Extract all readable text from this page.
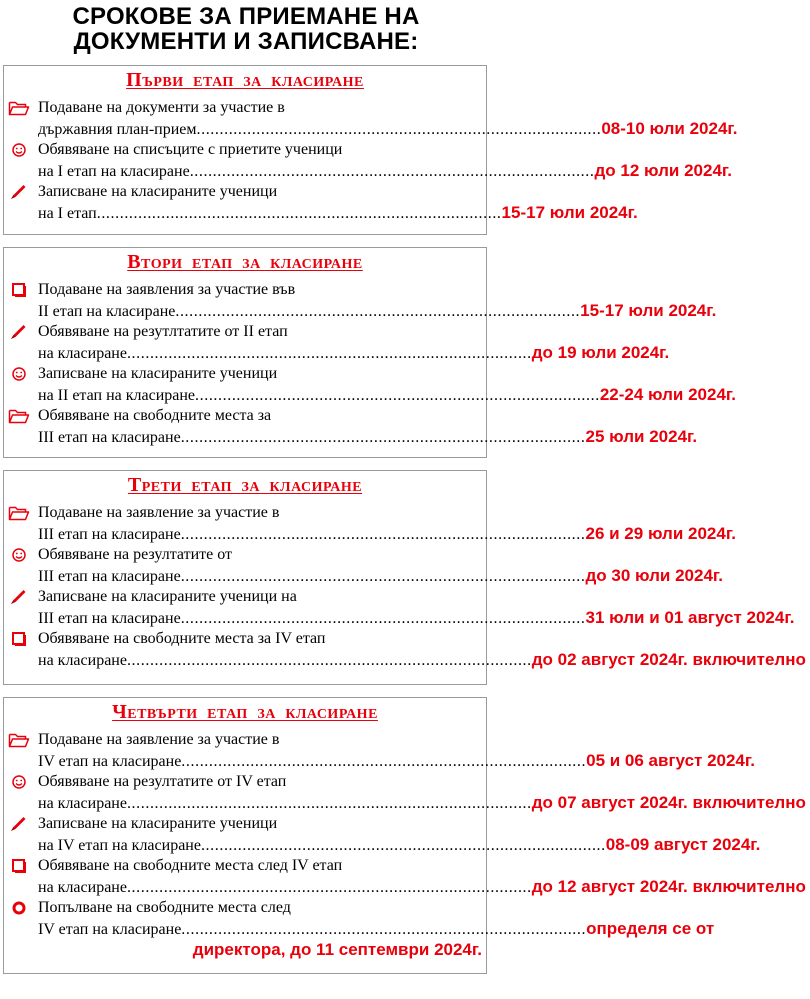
СРОКОВЕ ЗА ПРИЕМАНЕ НА
ДОКУМЕНТИ И ЗАПИСВАНЕ:
Първи етап за класиране
Подаване на документи за участие в
държавния план-прием ........................................................................................ 08-10 юли 2024г.
Обявяване на списъците с приетите ученици
на I етап на класиране ........................................................................................ до 12 юли 2024г.
Записване на класираните ученици
на I етап ........................................................................................ 15-17 юли 2024г.
Втори етап за класиране
Подаване на заявления за участие във
II етап на класиране ........................................................................................ 15-17 юли 2024г.
Обявяване на резутлтатите от II етап
на класиране ........................................................................................ до 19 юли 2024г.
Записване на класираните ученици
на II етап на класиране ........................................................................................ 22-24 юли 2024г.
Обявяване на свободните места за
III етап на класиране ........................................................................................ 25 юли 2024г.
Трети етап за класиране
Подаване на заявление за участие в
III етап на класиране ........................................................................................ 26 и 29 юли 2024г.
Обявяване на резултатите от
III етап на класиране ........................................................................................ до 30 юли 2024г.
Записване на класираните ученици на
III етап на класиране ........................................................................................ 31 юли и 01 август 2024г.
Обявяване на свободните места за IV етап
на класиране ........................................................................................ до 02 август 2024г. включително
Четвърти етап за класиране
Подаване на заявление за участие в
IV етап на класиране ........................................................................................ 05 и 06 август 2024г.
Обявяване на резултатите от IV етап
на класиране ........................................................................................ до 07 август 2024г. включително
Записване на класираните ученици
на IV етап на класиране ........................................................................................ 08-09 август 2024г.
Обявяване на свободните места след IV етап
на класиране ........................................................................................ до 12 август 2024г. включително
Попълване на свободните места след
IV етап на класиране ........................................................................................ определя се от
директора, до 11 септември 2024г.
